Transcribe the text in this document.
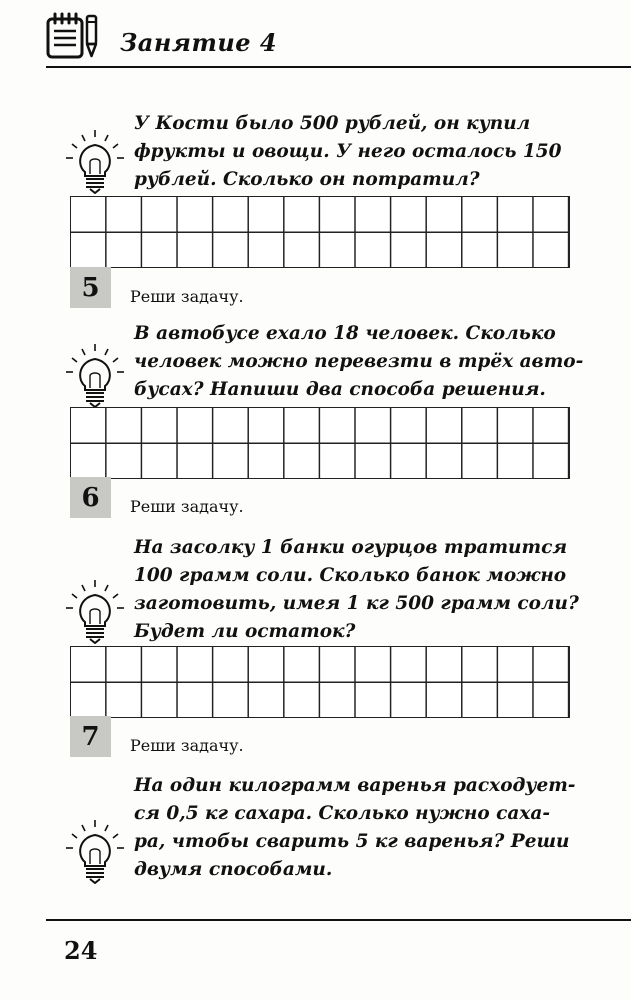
Занятие 4

У Кости было 500 рублей, он купил
фрукты и овощи. У него осталось 150
рублей. Сколько он потратил?

5	Реши задачу.

В автобусе ехало 18 человек. Сколько
человек можно перевезти в трёх авто-
бусах? Напиши два способа решения.

6	Реши задачу.

На засолку 1 банки огурцов тратится
100 грамм соли. Сколько банок можно
заготовить, имея 1 кг 500 грамм соли?
Будет ли остаток?

7	Реши задачу.

На один килограмм варенья расходует-
ся 0,5 кг сахара. Сколько нужно саха-
ра, чтобы сварить 5 кг варенья? Реши
двумя способами.

24
